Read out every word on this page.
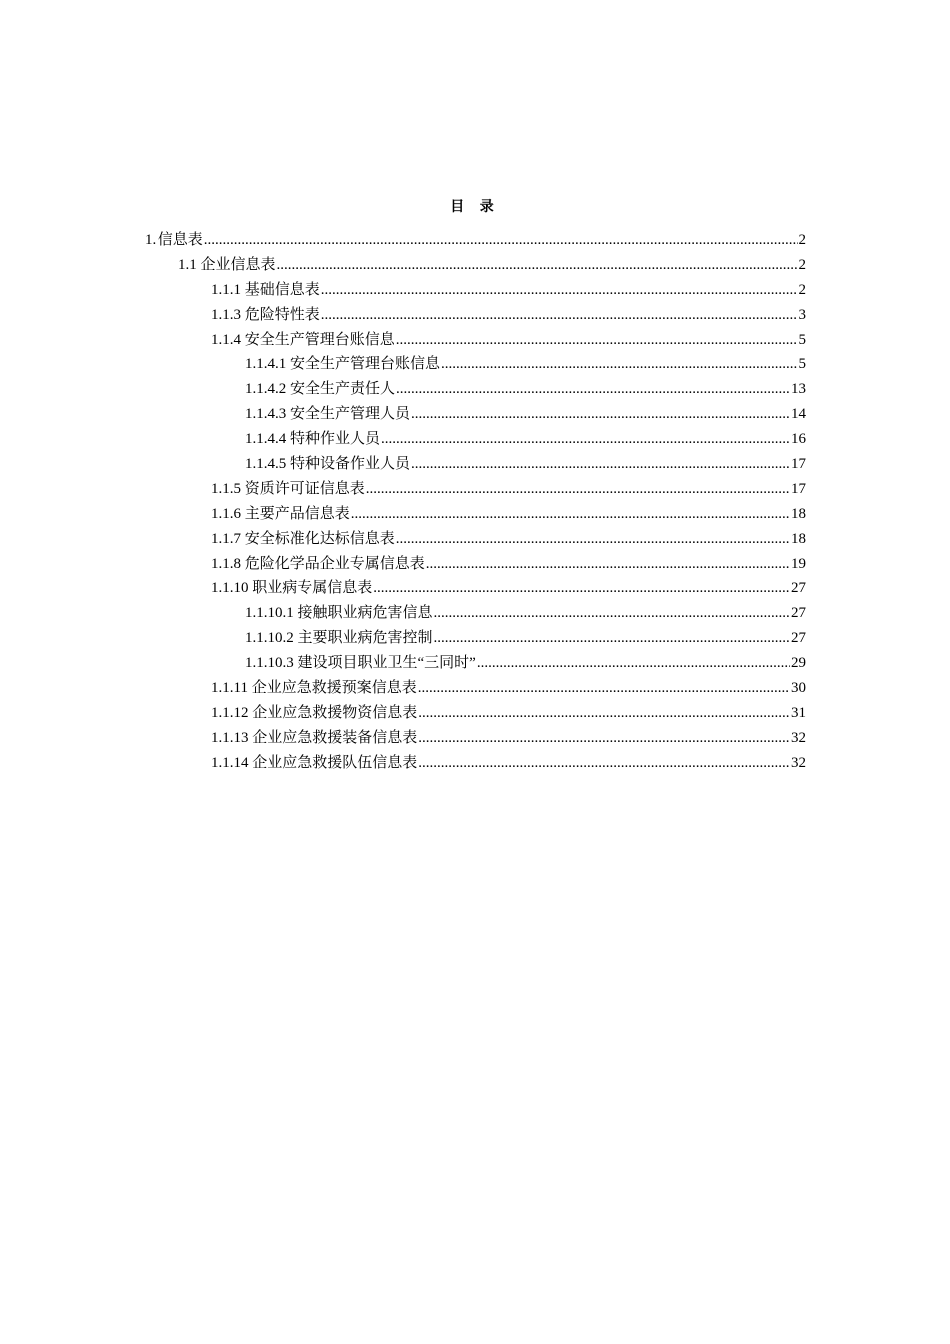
目 录
1. 信息表 .....	2
1.1 企业信息表 .....	2
1.1.1 基础信息表 .....	2
1.1.3 危险特性表 .....	3
1.1.4 安全生产管理台账信息 .....	5
1.1.4.1 安全生产管理台账信息 .....	5
1.1.4.2 安全生产责任人 .....	13
1.1.4.3 安全生产管理人员 .....	14
1.1.4.4 特种作业人员 .....	16
1.1.4.5 特种设备作业人员 .....	17
1.1.5 资质许可证信息表 .....	17
1.1.6 主要产品信息表 .....	18
1.1.7 安全标准化达标信息表 .....	18
1.1.8 危险化学品企业专属信息表 .....	19
1.1.10 职业病专属信息表 .....	27
1.1.10.1 接触职业病危害信息 .....	27
1.1.10.2 主要职业病危害控制 .....	27
1.1.10.3 建设项目职业卫生“三同时” .....	29
1.1.11 企业应急救援预案信息表 .....	30
1.1.12 企业应急救援物资信息表 .....	31
1.1.13 企业应急救援装备信息表 .....	32
1.1.14 企业应急救援队伍信息表 .....	32
